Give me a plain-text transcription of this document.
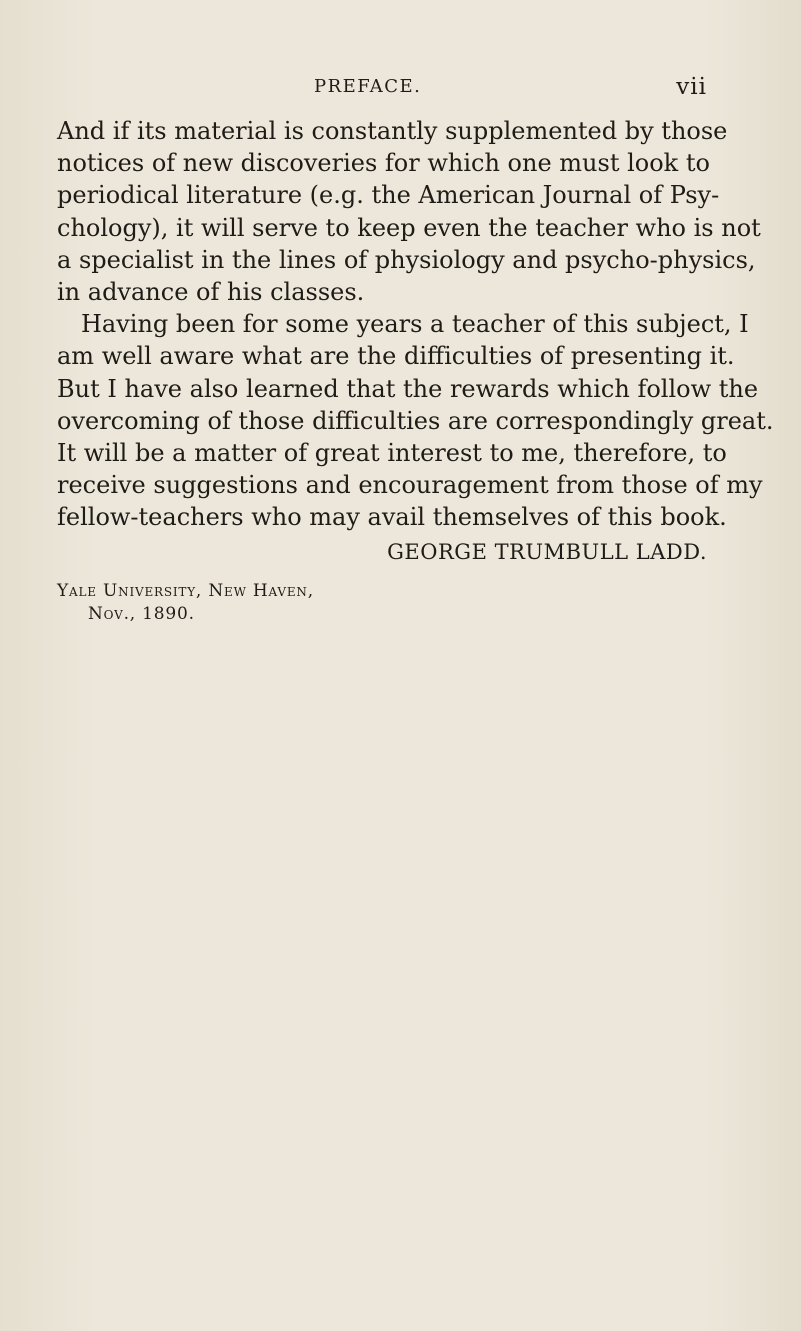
PREFACE.	vii
And if its material is constantly supplemented by those
notices of new discoveries for which one must look to
periodical literature (e.g. the American Journal of Psy-
chology), it will serve to keep even the teacher who is not
a specialist in the lines of physiology and psycho-physics,
in advance of his classes.
Having been for some years a teacher of this subject, I
am well aware what are the difficulties of presenting it.
But I have also learned that the rewards which follow the
overcoming of those difficulties are correspondingly great.
It will be a matter of great interest to me, therefore, to
receive suggestions and encouragement from those of my
fellow-teachers who may avail themselves of this book.
GEORGE TRUMBULL LADD.
Yale University, New Haven,
Nov., 1890.
